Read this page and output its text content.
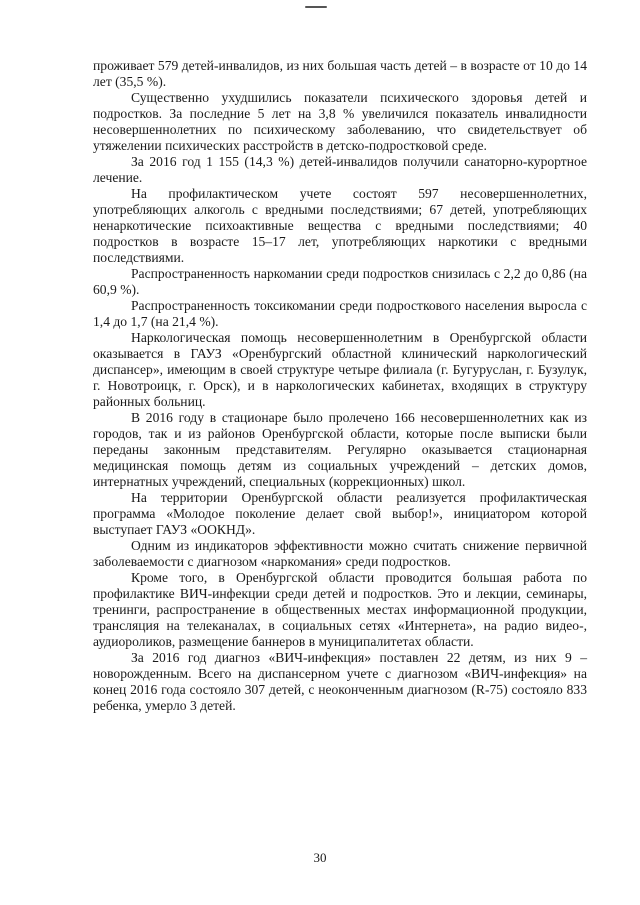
проживает 579 детей-инвалидов, из них большая часть детей – в возрасте от 10 до 14 лет (35,5 %).

Существенно ухудшились показатели психического здоровья детей и подростков. За последние 5 лет на 3,8 % увеличился показатель инвалидности несовершеннолетних по психическому заболеванию, что свидетельствует об утяжелении психических расстройств в детско-подростковой среде.

За 2016 год 1 155 (14,3 %) детей-инвалидов получили санаторно-курортное лечение.

На профилактическом учете состоят 597 несовершеннолетних, употребляющих алкоголь с вредными последствиями; 67 детей, употребляющих ненаркотические психоактивные вещества с вредными последствиями; 40 подростков в возрасте 15–17 лет, употребляющих наркотики с вредными последствиями.

Распространенность наркомании среди подростков снизилась с 2,2 до 0,86 (на 60,9 %).

Распространенность токсикомании среди подросткового населения выросла с 1,4 до 1,7 (на 21,4 %).

Наркологическая помощь несовершеннолетним в Оренбургской области оказывается в ГАУЗ «Оренбургский областной клинический наркологический диспансер», имеющим в своей структуре четыре филиала (г. Бугуруслан, г. Бузулук, г. Новотроицк, г. Орск), и в наркологических кабинетах, входящих в структуру районных больниц.

В 2016 году в стационаре было пролечено 166 несовершеннолетних как из городов, так и из районов Оренбургской области, которые после выписки были переданы законным представителям. Регулярно оказывается стационарная медицинская помощь детям из социальных учреждений – детских домов, интернатных учреждений, специальных (коррекционных) школ.

На территории Оренбургской области реализуется профилактическая программа «Молодое поколение делает свой выбор!», инициатором которой выступает ГАУЗ «ООКНД».

Одним из индикаторов эффективности можно считать снижение первичной заболеваемости с диагнозом «наркомания» среди подростков.

Кроме того, в Оренбургской области проводится большая работа по профилактике ВИЧ-инфекции среди детей и подростков. Это и лекции, семинары, тренинги, распространение в общественных местах информационной продукции, трансляция на телеканалах, в социальных сетях «Интернета», на радио видео-, аудиороликов, размещение баннеров в муниципалитетах области.

За 2016 год диагноз «ВИЧ-инфекция» поставлен 22 детям, из них 9 – новорожденным. Всего на диспансерном учете с диагнозом «ВИЧ-инфекция» на конец 2016 года состояло 307 детей, с неоконченным диагнозом (R-75) состояло 833 ребенка, умерло 3 детей.

30
